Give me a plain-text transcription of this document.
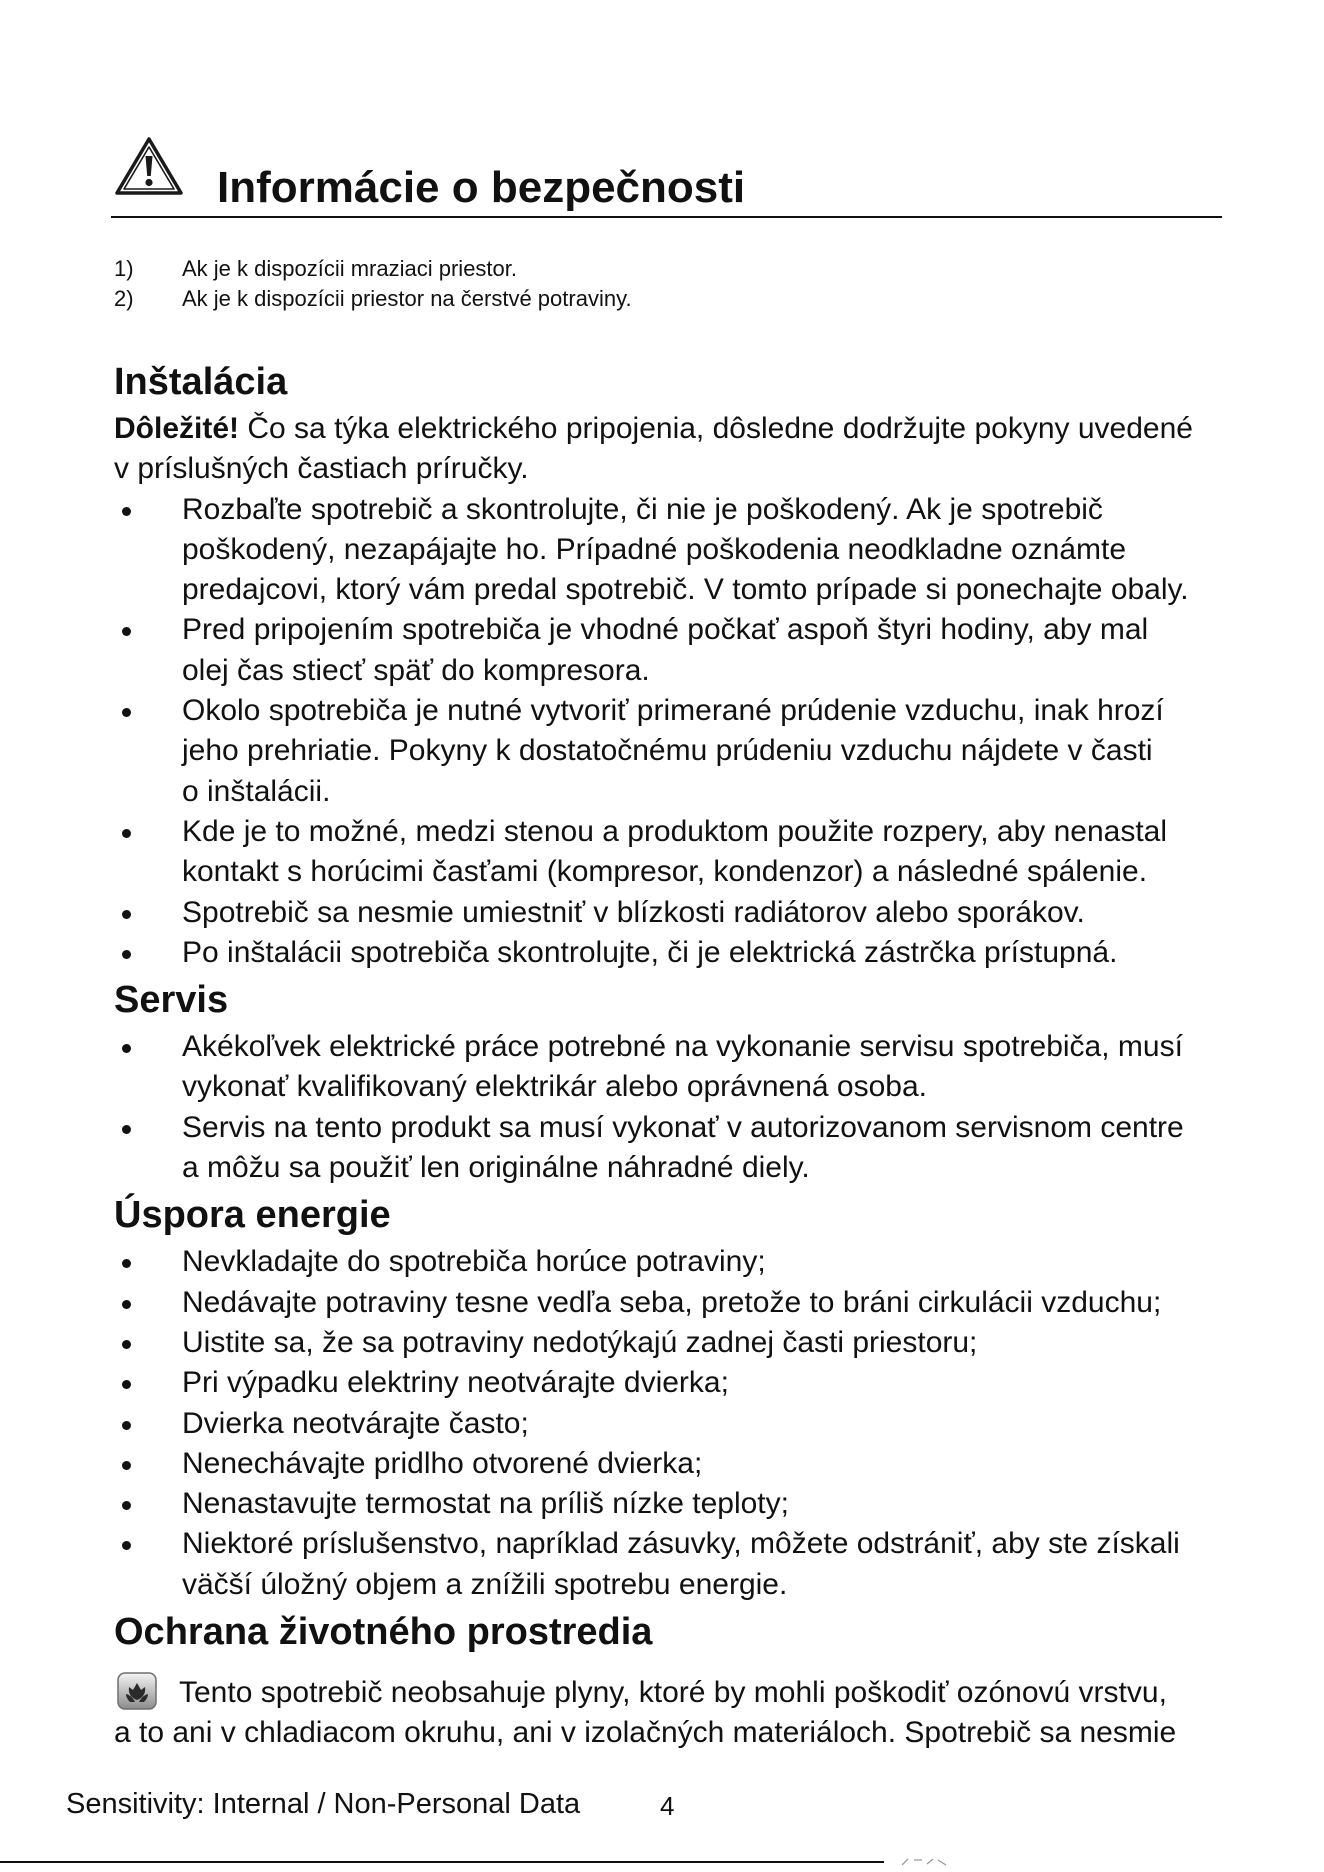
Informácie o bezpečnosti
1) Ak je k dispozícii mraziaci priestor.
2) Ak je k dispozícii priestor na čerstvé potraviny.
Inštalácia
Dôležité! Čo sa týka elektrického pripojenia, dôsledne dodržujte pokyny uvedené
v príslušných častiach príručky.
Rozbaľte spotrebič a skontrolujte, či nie je poškodený. Ak je spotrebič
poškodený, nezapájajte ho. Prípadné poškodenia neodkladne oznámte
predajcovi, ktorý vám predal spotrebič. V tomto prípade si ponechajte obaly.
Pred pripojením spotrebiča je vhodné počkať aspoň štyri hodiny, aby mal
olej čas stiecť späť do kompresora.
Okolo spotrebiča je nutné vytvoriť primerané prúdenie vzduchu, inak hrozí
jeho prehriatie. Pokyny k dostatočnému prúdeniu vzduchu nájdete v časti
o inštalácii.
Kde je to možné, medzi stenou a produktom použite rozpery, aby nenastal
kontakt s horúcimi časťami (kompresor, kondenzor) a následné spálenie.
Spotrebič sa nesmie umiestniť v blízkosti radiátorov alebo sporákov.
Po inštalácii spotrebiča skontrolujte, či je elektrická zástrčka prístupná.
Servis
Akékoľvek elektrické práce potrebné na vykonanie servisu spotrebiča, musí
vykonať kvalifikovaný elektrikár alebo oprávnená osoba.
Servis na tento produkt sa musí vykonať v autorizovanom servisnom centre
a môžu sa použiť len originálne náhradné diely.
Úspora energie
Nevkladajte do spotrebiča horúce potraviny;
Nedávajte potraviny tesne vedľa seba, pretože to bráni cirkulácii vzduchu;
Uistite sa, že sa potraviny nedotýkajú zadnej časti priestoru;
Pri výpadku elektriny neotvárajte dvierka;
Dvierka neotvárajte často;
Nenechávajte pridlho otvorené dvierka;
Nenastavujte termostat na príliš nízke teploty;
Niektoré príslušenstvo, napríklad zásuvky, môžete odstrániť, aby ste získali
väčší úložný objem a znížili spotrebu energie.
Ochrana životného prostredia
Tento spotrebič neobsahuje plyny, ktoré by mohli poškodiť ozónovú vrstvu,
a to ani v chladiacom okruhu, ani v izolačných materiáloch. Spotrebič sa nesmie
Sensitivity: Internal / Non-Personal Data	4
